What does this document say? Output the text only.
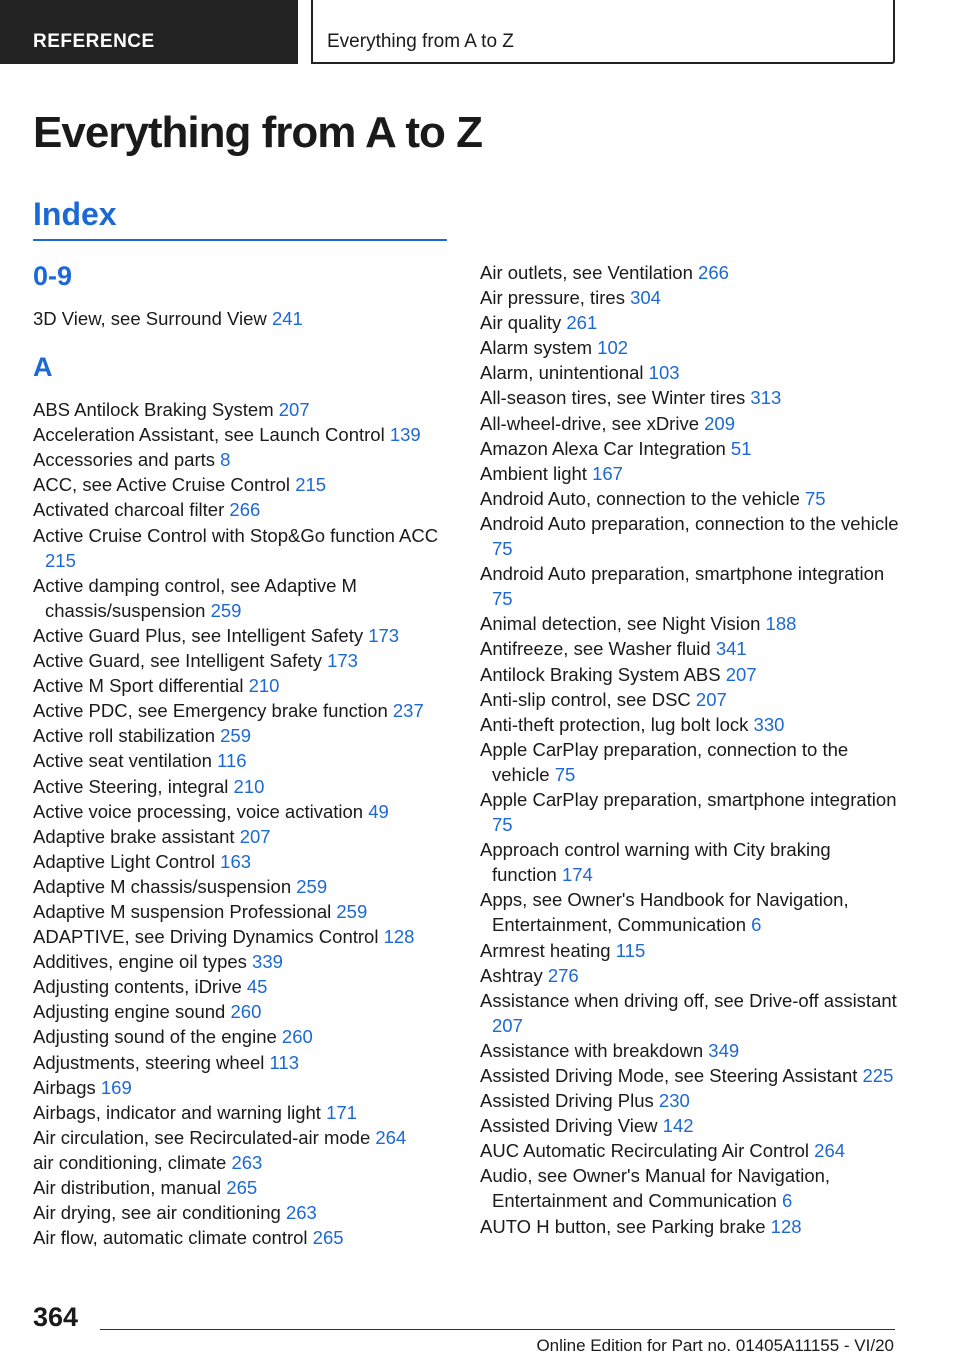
REFERENCE	Everything from A to Z
Everything from A to Z
Index
0-9

3D View, see Surround View 241

A

ABS Antilock Braking System 207

Acceleration Assistant, see Launch Control 139

Accessories and parts 8

ACC, see Active Cruise Control 215

Activated charcoal filter 266

Active Cruise Control with Stop&Go function ACC 215

Active damping control, see Adaptive M chassis/suspension 259

Active Guard Plus, see Intelligent Safety 173

Active Guard, see Intelligent Safety 173

Active M Sport differential 210

Active PDC, see Emergency brake function 237

Active roll stabilization 259

Active seat ventilation 116

Active Steering, integral 210

Active voice processing, voice activation 49

Adaptive brake assistant 207

Adaptive Light Control 163

Adaptive M chassis/suspension 259

Adaptive M suspension Professional 259

ADAPTIVE, see Driving Dynamics Control 128

Additives, engine oil types 339

Adjusting contents, iDrive 45

Adjusting engine sound 260

Adjusting sound of the engine 260

Adjustments, steering wheel 113

Airbags 169

Airbags, indicator and warning light 171

Air circulation, see Recirculated-air mode 264

air conditioning, climate 263

Air distribution, manual 265

Air drying, see air conditioning 263

Air flow, automatic climate control 265

Air outlets, see Ventilation 266

Air pressure, tires 304

Air quality 261

Alarm system 102

Alarm, unintentional 103

All-season tires, see Winter tires 313

All-wheel-drive, see xDrive 209

Amazon Alexa Car Integration 51

Ambient light 167

Android Auto, connection to the vehicle 75

Android Auto preparation, connection to the vehicle 75

Android Auto preparation, smartphone integration 75

Animal detection, see Night Vision 188

Antifreeze, see Washer fluid 341

Antilock Braking System ABS 207

Anti-slip control, see DSC 207

Anti-theft protection, lug bolt lock 330

Apple CarPlay preparation, connection to the vehicle 75

Apple CarPlay preparation, smartphone integration 75

Approach control warning with City braking function 174

Apps, see Owner's Handbook for Navigation, Entertainment, Communication 6

Armrest heating 115

Ashtray 276

Assistance when driving off, see Drive-off assistant 207

Assistance with breakdown 349

Assisted Driving Mode, see Steering Assistant 225

Assisted Driving Plus 230

Assisted Driving View 142

AUC Automatic Recirculating Air Control 264

Audio, see Owner's Manual for Navigation, Entertainment and Communication 6

AUTO H button, see Parking brake 128

364
Online Edition for Part no. 01405A11155 - VI/20
